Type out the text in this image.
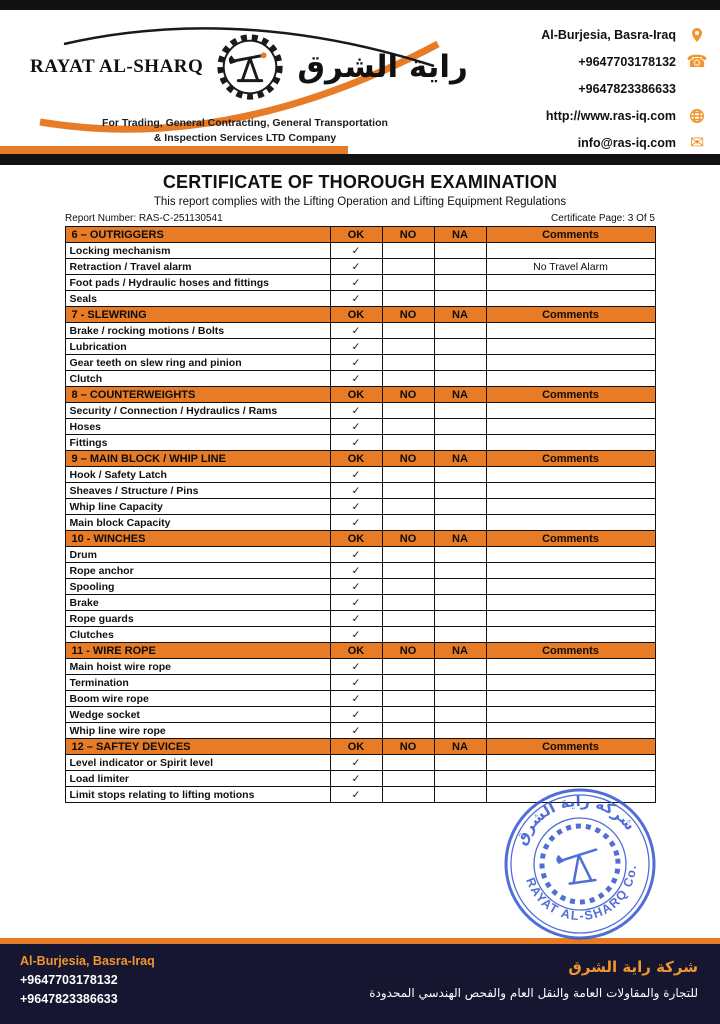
RAYAT AL-SHARQ	راية الشرق
For Trading, General Contracting, General Transportation
& Inspection Services LTD Company
Al-Burjesia, Basra-Iraq
+9647703178132 ☎
+9647823386633
http://www.ras-iq.com
info@ras-iq.com ✉
CERTIFICATE OF THOROUGH EXAMINATION
This report complies with the Lifting Operation and Lifting Equipment Regulations
Report Number: RAS-C-251130541	Certificate Page: 3 Of 5
6 – OUTRIGGERS	OK	NO	NA	Comments
Locking mechanism	✓			
Retraction / Travel alarm	✓			No Travel Alarm
Foot pads / Hydraulic hoses and fittings	✓			
Seals	✓			
7 - SLEWRING	OK	NO	NA	Comments
Brake / rocking motions / Bolts	✓			
Lubrication	✓			
Gear teeth on slew ring and pinion	✓			
Clutch	✓			
8 – COUNTERWEIGHTS	OK	NO	NA	Comments
Security / Connection / Hydraulics / Rams	✓			
Hoses	✓			
Fittings	✓			
9 – MAIN BLOCK / WHIP LINE	OK	NO	NA	Comments
Hook / Safety Latch	✓			
Sheaves / Structure / Pins	✓			
Whip line Capacity	✓			
Main block Capacity	✓			
10 - WINCHES	OK	NO	NA	Comments
Drum	✓			
Rope anchor	✓			
Spooling	✓			
Brake	✓			
Rope guards	✓			
Clutches	✓			
11 - WIRE ROPE	OK	NO	NA	Comments
Main hoist wire rope	✓			
Termination	✓			
Boom wire rope	✓			
Wedge socket	✓			
Whip line wire rope	✓			
12 – SAFTEY DEVICES	OK	NO	NA	Comments
Level indicator or Spirit level	✓			
Load limiter	✓			
Limit stops relating to lifting motions	✓			
شركة راية الشرق
RAYAT AL-SHARQ Co.
Al-Burjesia, Basra-Iraq
+9647703178132
+9647823386633
شركة راية الشرق
للتجارة والمقاولات العامة والنقل العام والفحص الهندسي المحدودة
